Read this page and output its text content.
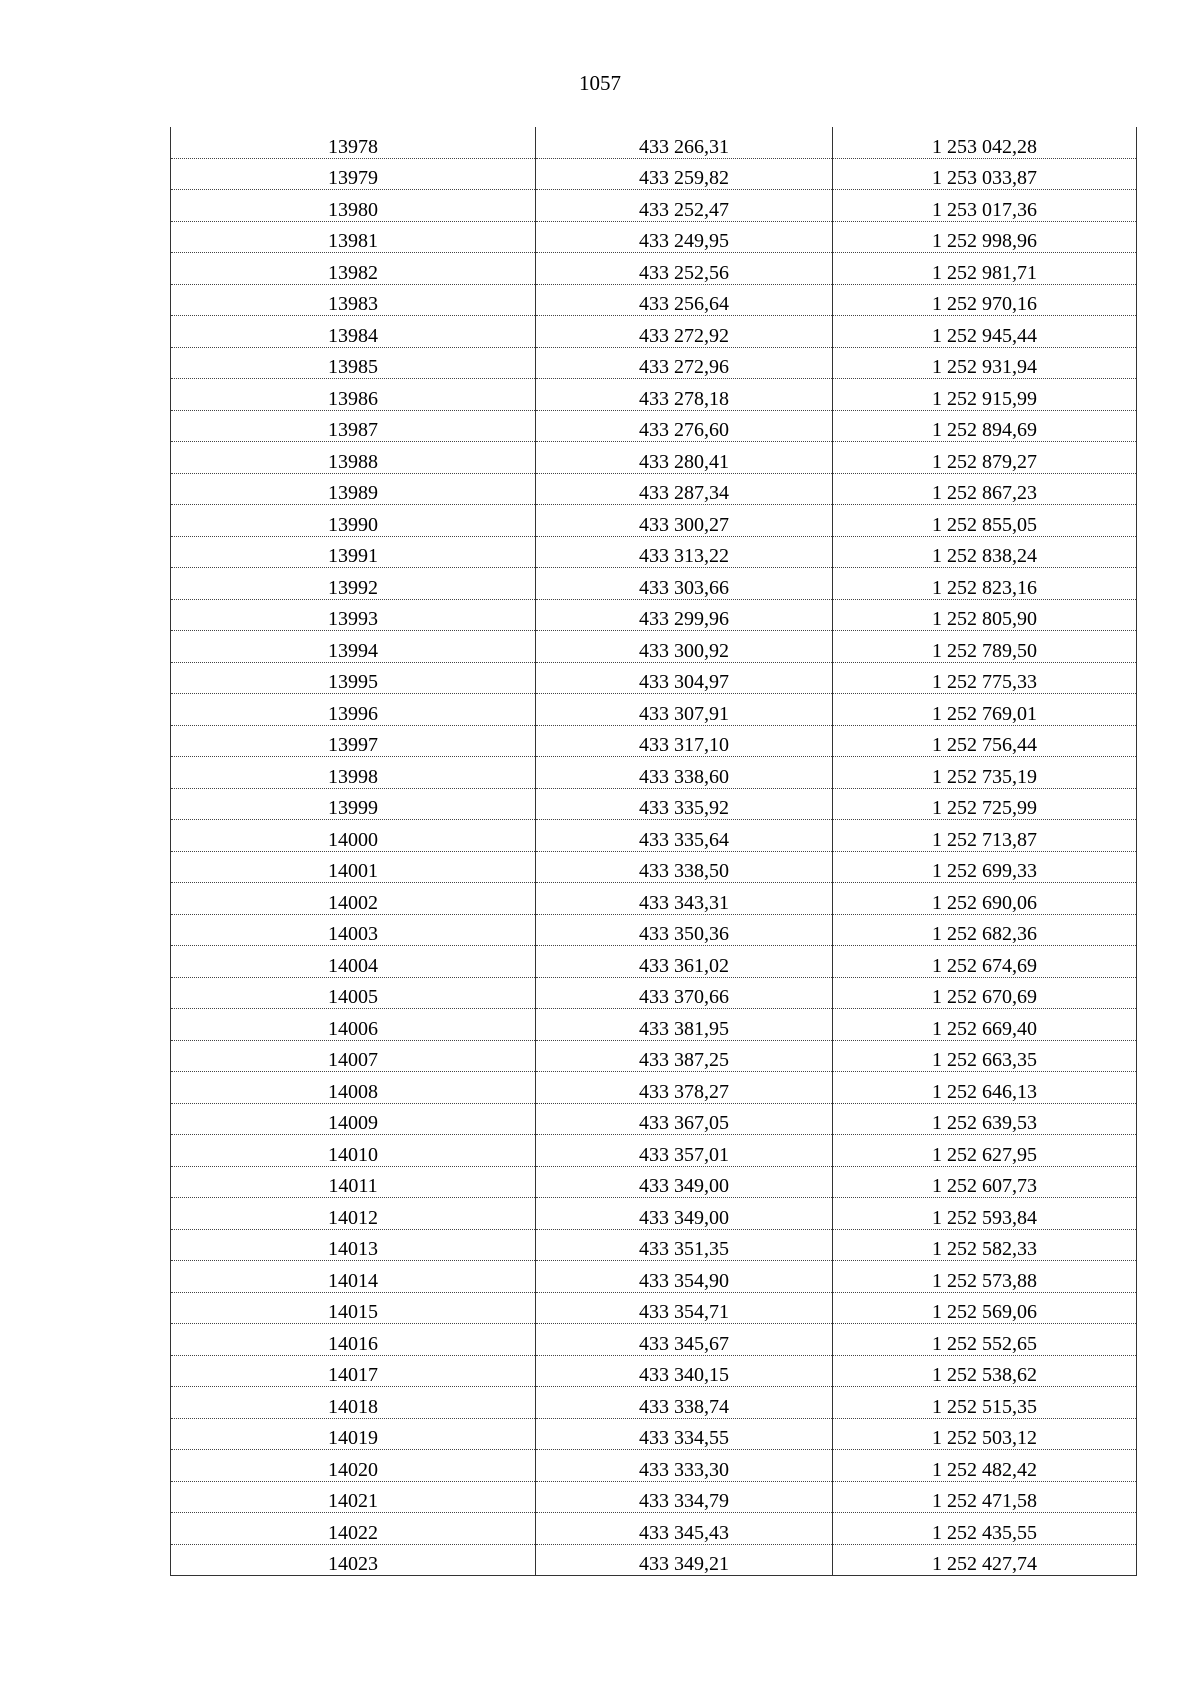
1057
13978	433 266,31	1 253 042,28
13979	433 259,82	1 253 033,87
13980	433 252,47	1 253 017,36
13981	433 249,95	1 252 998,96
13982	433 252,56	1 252 981,71
13983	433 256,64	1 252 970,16
13984	433 272,92	1 252 945,44
13985	433 272,96	1 252 931,94
13986	433 278,18	1 252 915,99
13987	433 276,60	1 252 894,69
13988	433 280,41	1 252 879,27
13989	433 287,34	1 252 867,23
13990	433 300,27	1 252 855,05
13991	433 313,22	1 252 838,24
13992	433 303,66	1 252 823,16
13993	433 299,96	1 252 805,90
13994	433 300,92	1 252 789,50
13995	433 304,97	1 252 775,33
13996	433 307,91	1 252 769,01
13997	433 317,10	1 252 756,44
13998	433 338,60	1 252 735,19
13999	433 335,92	1 252 725,99
14000	433 335,64	1 252 713,87
14001	433 338,50	1 252 699,33
14002	433 343,31	1 252 690,06
14003	433 350,36	1 252 682,36
14004	433 361,02	1 252 674,69
14005	433 370,66	1 252 670,69
14006	433 381,95	1 252 669,40
14007	433 387,25	1 252 663,35
14008	433 378,27	1 252 646,13
14009	433 367,05	1 252 639,53
14010	433 357,01	1 252 627,95
14011	433 349,00	1 252 607,73
14012	433 349,00	1 252 593,84
14013	433 351,35	1 252 582,33
14014	433 354,90	1 252 573,88
14015	433 354,71	1 252 569,06
14016	433 345,67	1 252 552,65
14017	433 340,15	1 252 538,62
14018	433 338,74	1 252 515,35
14019	433 334,55	1 252 503,12
14020	433 333,30	1 252 482,42
14021	433 334,79	1 252 471,58
14022	433 345,43	1 252 435,55
14023	433 349,21	1 252 427,74
